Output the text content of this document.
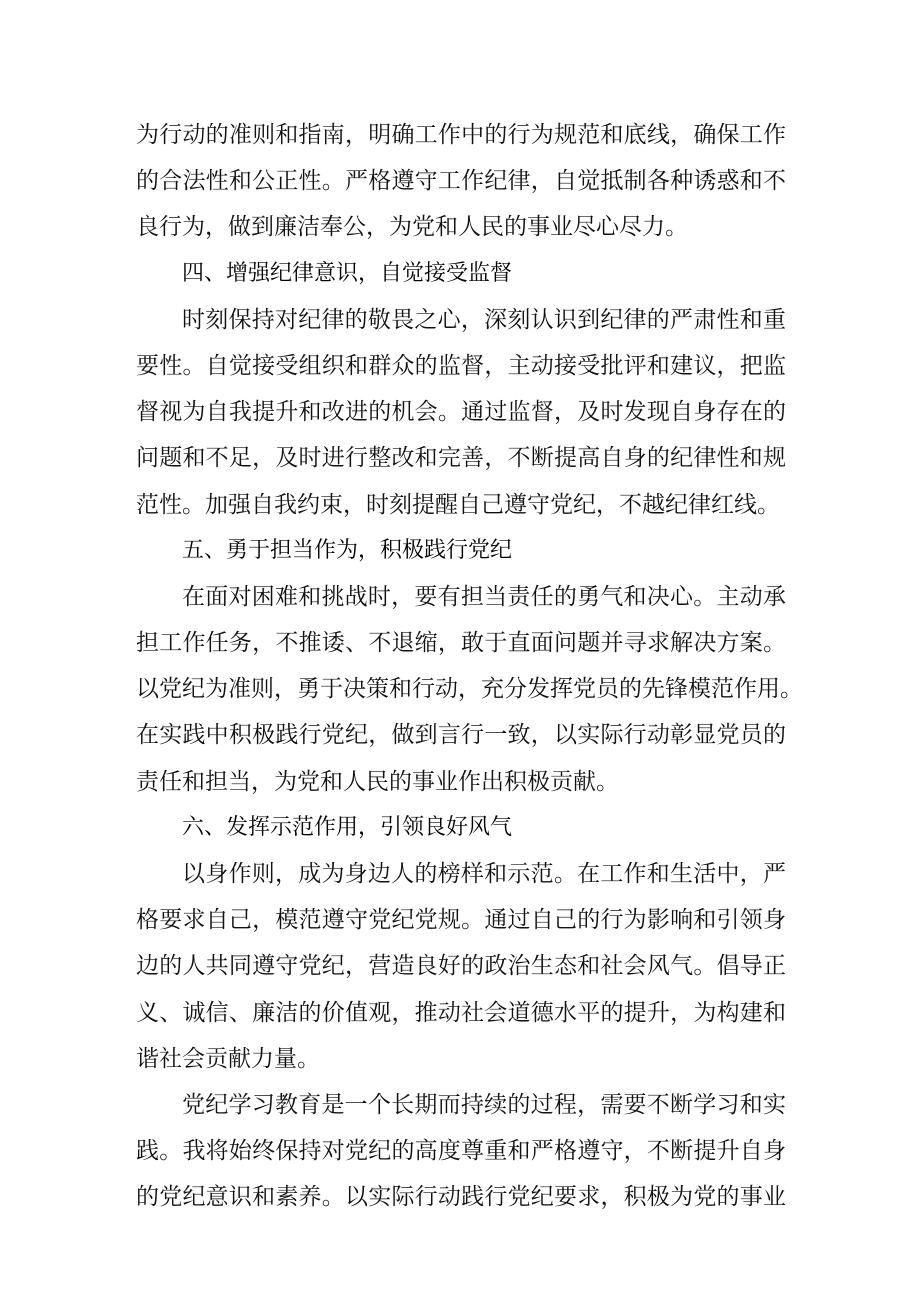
为行动的准则和指南，明确工作中的行为规范和底线，确保工作
的合法性和公正性。严格遵守工作纪律，自觉抵制各种诱惑和不
良行为，做到廉洁奉公，为党和人民的事业尽心尽力。
四、增强纪律意识，自觉接受监督
时刻保持对纪律的敬畏之心，深刻认识到纪律的严肃性和重
要性。自觉接受组织和群众的监督，主动接受批评和建议，把监
督视为自我提升和改进的机会。通过监督，及时发现自身存在的
问题和不足，及时进行整改和完善，不断提高自身的纪律性和规
范性。加强自我约束，时刻提醒自己遵守党纪，不越纪律红线。
五、勇于担当作为，积极践行党纪
在面对困难和挑战时，要有担当责任的勇气和决心。主动承
担工作任务，不推诿、不退缩，敢于直面问题并寻求解决方案。
以党纪为准则，勇于决策和行动，充分发挥党员的先锋模范作用。
在实践中积极践行党纪，做到言行一致，以实际行动彰显党员的
责任和担当，为党和人民的事业作出积极贡献。
六、发挥示范作用，引领良好风气
以身作则，成为身边人的榜样和示范。在工作和生活中，严
格要求自己，模范遵守党纪党规。通过自己的行为影响和引领身
边的人共同遵守党纪，营造良好的政治生态和社会风气。倡导正
义、诚信、廉洁的价值观，推动社会道德水平的提升，为构建和
谐社会贡献力量。
党纪学习教育是一个长期而持续的过程，需要不断学习和实
践。我将始终保持对党纪的高度尊重和严格遵守，不断提升自身
的党纪意识和素养。以实际行动践行党纪要求，积极为党的事业
